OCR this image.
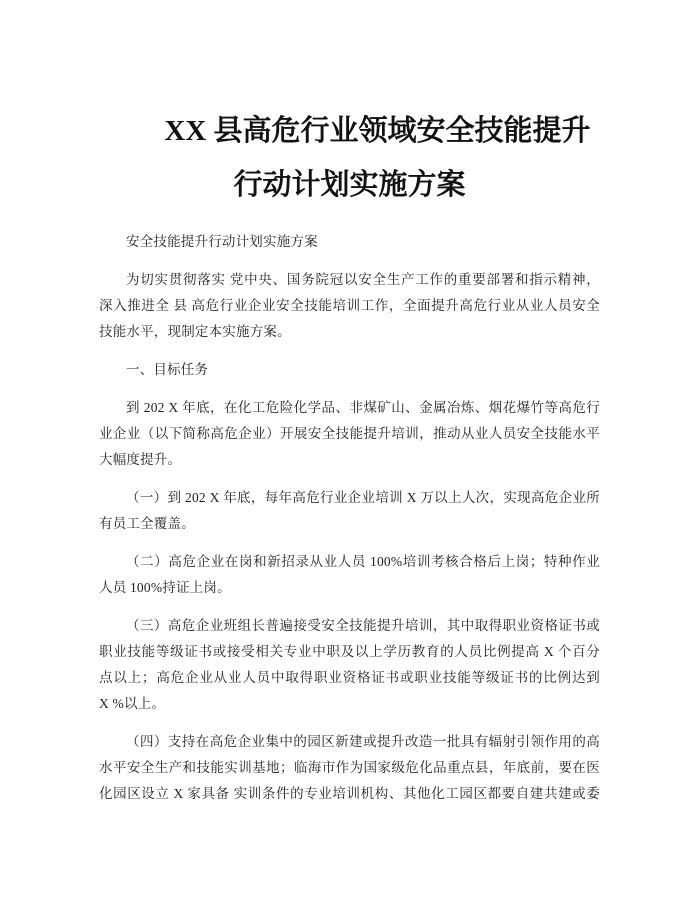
XX 县高危行业领域安全技能提升
行动计划实施方案
安全技能提升行动计划实施方案
为切实贯彻落实 党中央、国务院冠以安全生产工作的重要部署和指示精神，
深入推进全 县 高危行业企业安全技能培训工作，全面提升高危行业从业人员安全
技能水平，现制定本实施方案。
一、目标任务
到 202 X 年底，在化工危险化学品、非煤矿山、金属冶炼、烟花爆竹等高危行
业企业（以下简称高危企业）开展安全技能提升培训，推动从业人员安全技能水平
大幅度提升。
（一）到 202 X 年底，每年高危行业企业培训 X 万以上人次，实现高危企业所
有员工全覆盖。
（二）高危企业在岗和新招录从业人员 100%培训考核合格后上岗；特种作业
人员 100%持证上岗。
（三）高危企业班组长普遍接受安全技能提升培训，其中取得职业资格证书或
职业技能等级证书或接受相关专业中职及以上学历教育的人员比例提高 X 个百分
点以上；高危企业从业人员中取得职业资格证书或职业技能等级证书的比例达到
X %以上。
（四）支持在高危企业集中的园区新建或提升改造一批具有辐射引领作用的高
水平安全生产和技能实训基地；临海市作为国家级危化品重点县，年底前，要在医
化园区设立 X 家具备 实训条件的专业培训机构、其他化工园区都要自建共建或委
